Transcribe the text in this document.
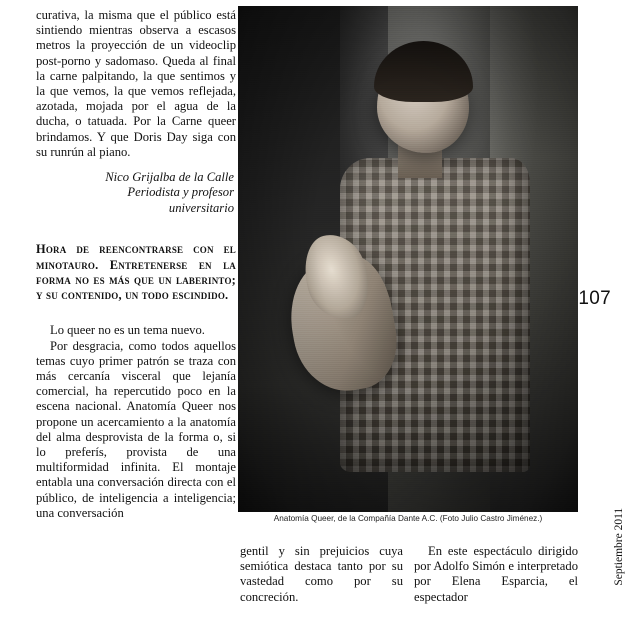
curativa, la misma que el público está sintiendo mientras observa a escasos metros la proyección de un videoclip post-porno y sadomaso. Queda al final la carne palpitando, la que sentimos y la que vemos, la que vemos reflejada, azotada, mojada por el agua de la ducha, o tatuada. Por la Carne queer brindamos. Y que Doris Day siga con su runrún al piano.

Nico Grijalba de la Calle
Periodista y profesor
universitario
Hora de reencontrarse con el minotauro. Entretenerse en la forma no es más que un laberinto; y su contenido, un todo escindido.

Lo queer no es un tema nuevo.

Por desgracia, como todos aquellos temas cuyo primer patrón se traza con más cercanía visceral que lejanía comercial, ha repercutido poco en la escena nacional. Anatomía Queer nos propone un acercamiento a la anatomía del alma desprovista de la forma o, si lo preferís, provista de una multiformidad infinita. El montaje entabla una conversación directa con el público, de inteligencia a inteligencia; una conversación	Anatomía Queer, de la Compañía Dante A.C. (Foto Julio Castro Jiménez.)

gentil y sin prejuicios cuya semiótica destaca tanto por su vastedad como por su concreción.

En este espectáculo dirigido por Adolfo Simón e interpretado por Elena Esparcia, el espectador

107
Septiembre 2011
